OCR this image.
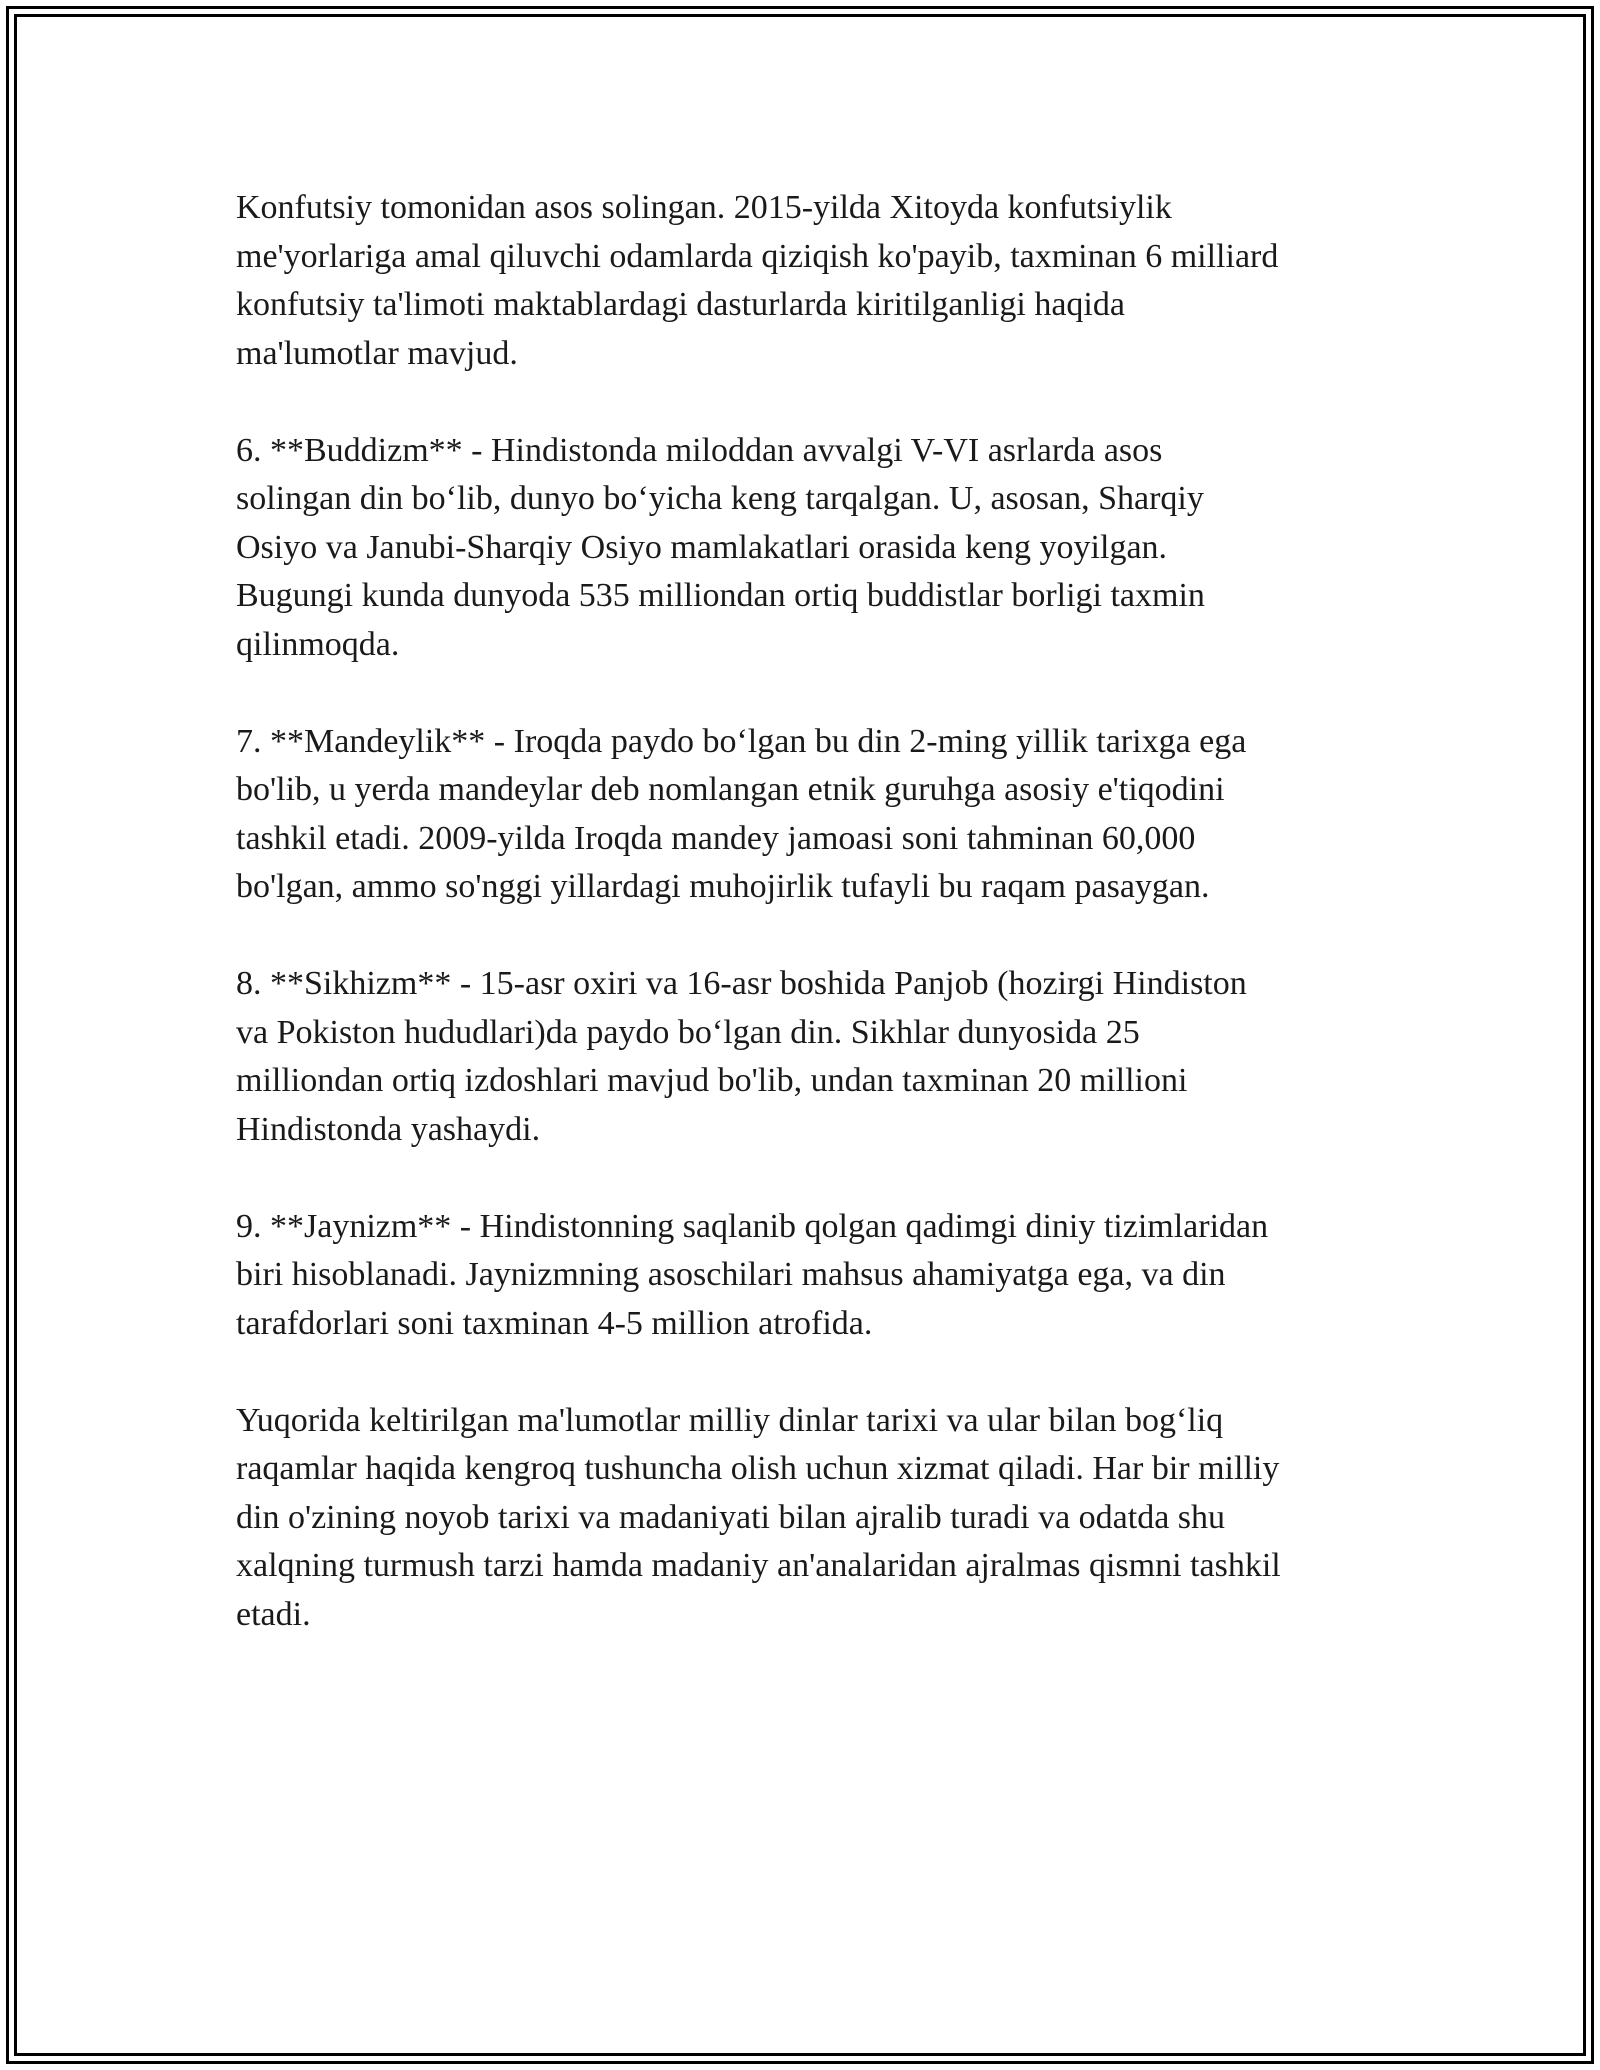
Konfutsiy tomonidan asos solingan. 2015-yilda Xitoyda konfutsiylik
me'yorlariga amal qiluvchi odamlarda qiziqish ko'payib, taxminan 6 milliard
konfutsiy ta'limoti maktablardagi dasturlarda kiritilganligi haqida
ma'lumotlar mavjud.

6. **Buddizm** - Hindistonda miloddan avvalgi V-VI asrlarda asos
solingan din bo‘lib, dunyo bo‘yicha keng tarqalgan. U, asosan, Sharqiy
Osiyo va Janubi-Sharqiy Osiyo mamlakatlari orasida keng yoyilgan.
Bugungi kunda dunyoda 535 milliondan ortiq buddistlar borligi taxmin
qilinmoqda.

7. **Mandeylik** - Iroqda paydo bo‘lgan bu din 2-ming yillik tarixga ega
bo'lib, u yerda mandeylar deb nomlangan etnik guruhga asosiy e'tiqodini
tashkil etadi. 2009-yilda Iroqda mandey jamoasi soni tahminan 60,000
bo'lgan, ammo so'nggi yillardagi muhojirlik tufayli bu raqam pasaygan.

8. **Sikhizm** - 15-asr oxiri va 16-asr boshida Panjob (hozirgi Hindiston
va Pokiston hududlari)da paydo bo‘lgan din. Sikhlar dunyosida 25
milliondan ortiq izdoshlari mavjud bo'lib, undan taxminan 20 millioni
Hindistonda yashaydi.

9. **Jaynizm** - Hindistonning saqlanib qolgan qadimgi diniy tizimlaridan
biri hisoblanadi. Jaynizmning asoschilari mahsus ahamiyatga ega, va din
tarafdorlari soni taxminan 4-5 million atrofida.

Yuqorida keltirilgan ma'lumotlar milliy dinlar tarixi va ular bilan bog‘liq
raqamlar haqida kengroq tushuncha olish uchun xizmat qiladi. Har bir milliy
din o'zining noyob tarixi va madaniyati bilan ajralib turadi va odatda shu
xalqning turmush tarzi hamda madaniy an'analaridan ajralmas qismni tashkil
etadi.
